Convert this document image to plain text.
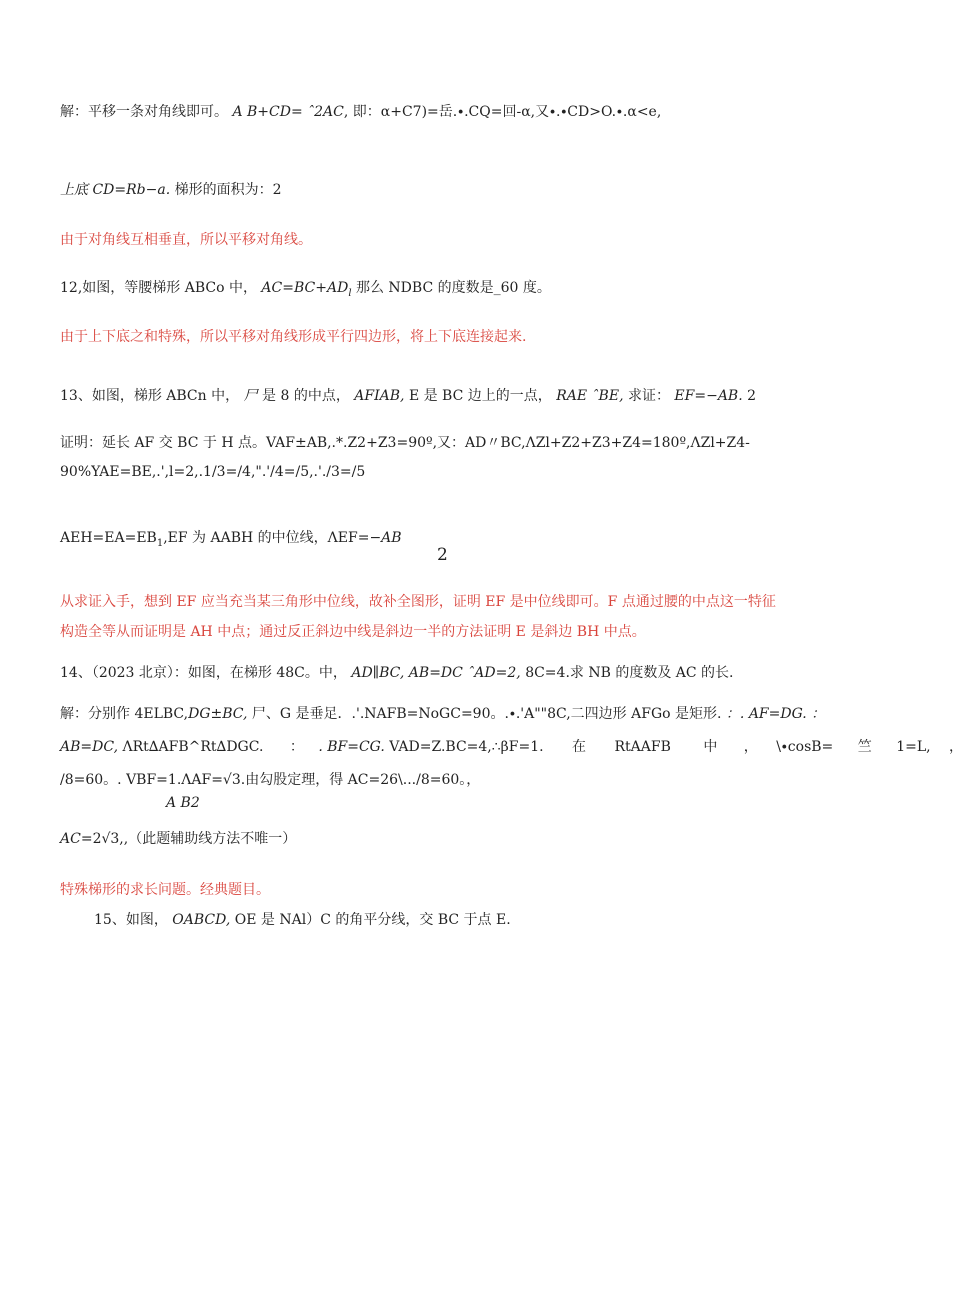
解：平移一条对角线即可。 A B+CD= ˆ2AC, 即：α+C7)=岳.∙.CQ=回-α,又∙.∙CD>O.∙.α<e,
上底 CD=Rb−a. 梯形的面积为：2
由于对角线互相垂直，所以平移对角线。
12,如图，等腰梯形 ABCo 中， $AC=BC+AD_l$ 那么 NDBC 的度数是_60 度。
由于上下底之和特殊，所以平移对角线形成平行四边形，将上下底连接起来.
13、如图，梯形 ABCn 中， 尸 是 8 的中点， AFIAB, E 是 BC 边上的一点， RAE ˆBE, 求证： EF=−AB. 2
证明：延长 AF 交 BC 于 H 点。VAF±AB,.*.Z2+Z3=90º,又：AD〃BC,ΛZl+Z2+Z3+Z4=180º,ΛZl+Z4-
90%YAE=BE,.',l=2,.1/3=/4,".'/4=/5,.'./3=/5
$AEH=EA=EB_1,EF$ 为 AABH 的中位线，ΛEF=−AB
2
从求证入手，想到 EF 应当充当某三角形中位线，故补全图形，证明 EF 是中位线即可。F 点通过腰的中点这一特征
构造全等从而证明是 AH 中点；通过反正斜边中线是斜边一半的方法证明 E 是斜边 BH 中点。
14、（2023 北京）：如图，在梯形 48C。中， AD∥BC, AB=DC ˆAD=2, 8C=4.求 NB 的度数及 AC 的长.
解：分别作 4ELBC,DG±BC, 尸、G 是垂足．.'.NAFB=NoGC=90。.∙.'A""8C,二四边形 AFGo 是矩形. ：. AF=DG. ：
AB=DC, ΛRt∆AFB^Rt∆DGC. ： . BF=CG. VAD=Z.BC=4,∴βF=1. 在 RtAAFB 中 ， \∙cosB= 竺 1=L, ，
/8=60。. VBF=1.ΛAF=√3.由勾股定理，得 AC=26\.../8=60。，
A B2
AC=2√3,,（此题辅助线方法不唯一）
特殊梯形的求长问题。经典题目。
15、如图， OABCD, OE 是 NAl）C 的角平分线，交 BC 于点 E.
